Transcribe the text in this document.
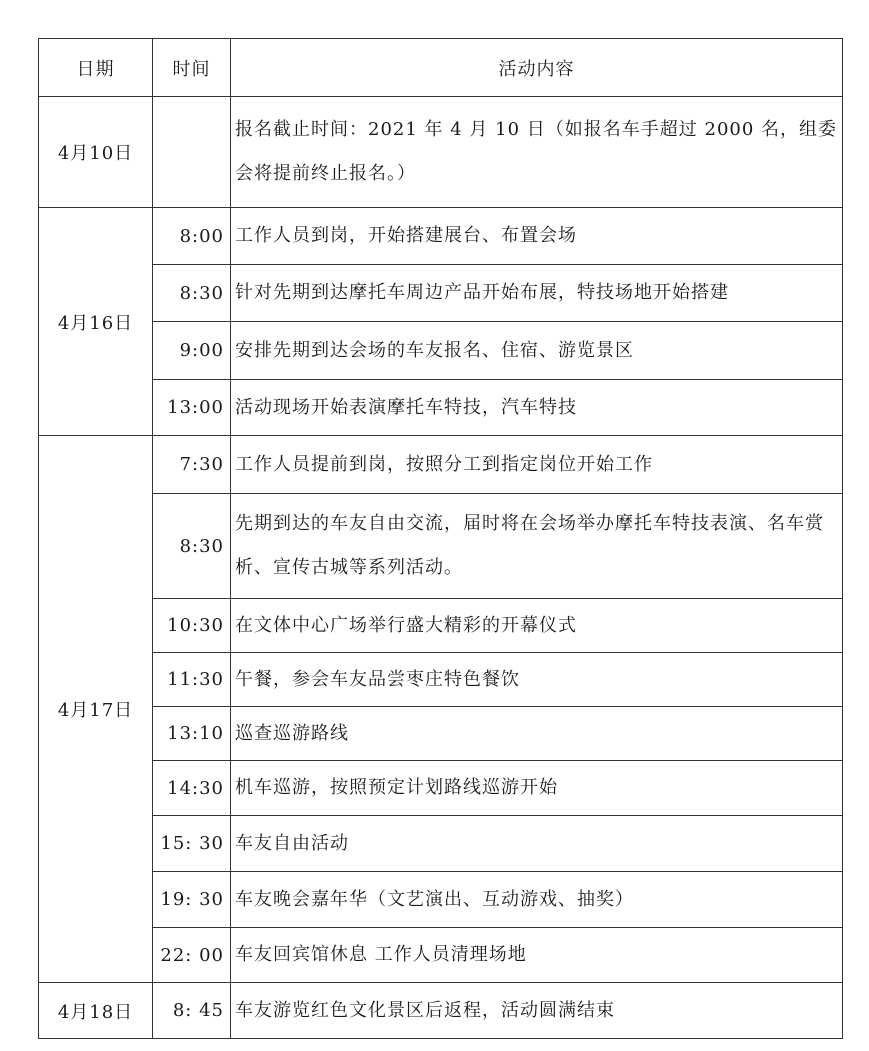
日期	时间	活动内容
4月10日		报名截止时间：2021 年 4 月 10 日（如报名车手超过 2000 名，组委会将提前终止报名。）
4月16日	8:00	工作人员到岗，开始搭建展台、布置会场
	8:30	针对先期到达摩托车周边产品开始布展，特技场地开始搭建
	9:00	安排先期到达会场的车友报名、住宿、游览景区
	13:00	活动现场开始表演摩托车特技，汽车特技
4月17日	7:30	工作人员提前到岗，按照分工到指定岗位开始工作
	8:30	先期到达的车友自由交流，届时将在会场举办摩托车特技表演、名车赏析、宣传古城等系列活动。
	10:30	在文体中心广场举行盛大精彩的开幕仪式
	11:30	午餐，参会车友品尝枣庄特色餐饮
	13:10	巡查巡游路线
	14:30	机车巡游，按照预定计划路线巡游开始
	15: 30	车友自由活动
	19: 30	车友晚会嘉年华（文艺演出、互动游戏、抽奖）
	22: 00	车友回宾馆休息 工作人员清理场地
4月18日	8: 45	车友游览红色文化景区后返程，活动圆满结束
